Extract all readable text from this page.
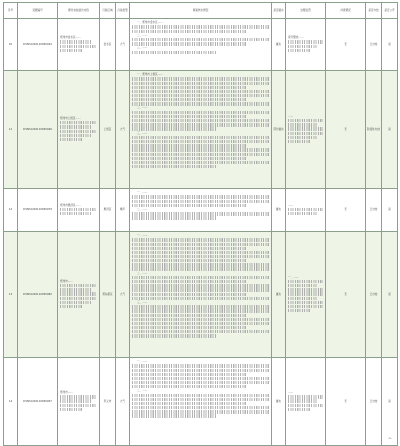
序号	受理编号	群众来信信访内容	行政区域	污染类型	调查核实情况	是否属实	处理处罚	问责情况	是否办结	是否公开
10	D3SHA202110050044	郑州市金水区……	金水区	大气	一、郑州市金水区……
二、……
三、……	属实	责令整改……	无	已办结	是
11	D3SHA202110050046	郑州市上街区……	上街区	大气	一、郑州市上街区……
二、……
三、……	部分属实	……	无	阶段性办结	是
12	D3SHA202110050079	郑州市惠济区……	惠济区	噪声	一、……
二、……	属实	……	无	已办结	是
13	D3SHA202110050082	郑州市……	郑东新区	大气	一、……
二、……
三、……	属实	一、……	无	已办结	是
14	D3SHA202110050097	郑州市……	巩义市	大气	一、……
二、……	属实	……	无	已办结	是
-1-
